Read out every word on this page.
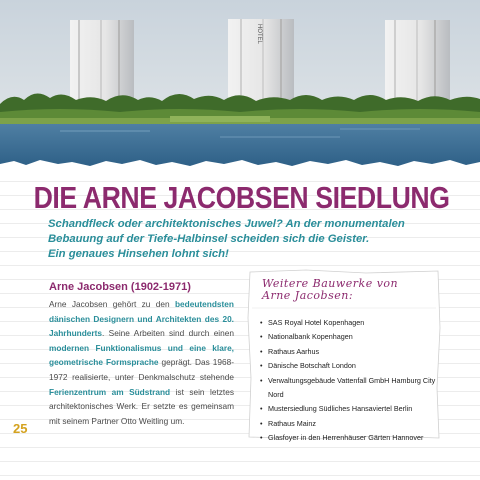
HOTEL
DIE ARNE JACOBSEN SIEDLUNG
Schandfleck oder architektonisches Juwel? An der monumentalen
Bebauung auf der Tiefe-Halbinsel scheiden sich die Geister.
Ein genaues Hinsehen lohnt sich!
Arne Jacobsen (1902-1971)

Arne Jacobsen gehört zu den bedeutendsten dänischen Designern und Architekten des 20. Jahrhunderts. Seine Arbeiten sind durch einen modernen Funktionalismus und eine klare, geometrische Formsprache geprägt. Das 1968-1972 realisierte, unter Denkmalschutz stehende Ferienzentrum am Südstrand ist sein letztes architektonisches Werk. Er setzte es gemeinsam mit seinem Partner Otto Weitling um.

Weitere Bauwerke von
Arne Jacobsen:
• SAS Royal Hotel Kopenhagen
• Nationalbank Kopenhagen
• Rathaus Aarhus
• Dänische Botschaft London
• Verwaltungsgebäude Vattenfall GmbH Hamburg City Nord
• Mustersiedlung Südliches Hansaviertel Berlin
• Rathaus Mainz
• Glasfoyer in den Herrenhäuser Gärten Hannover
25
